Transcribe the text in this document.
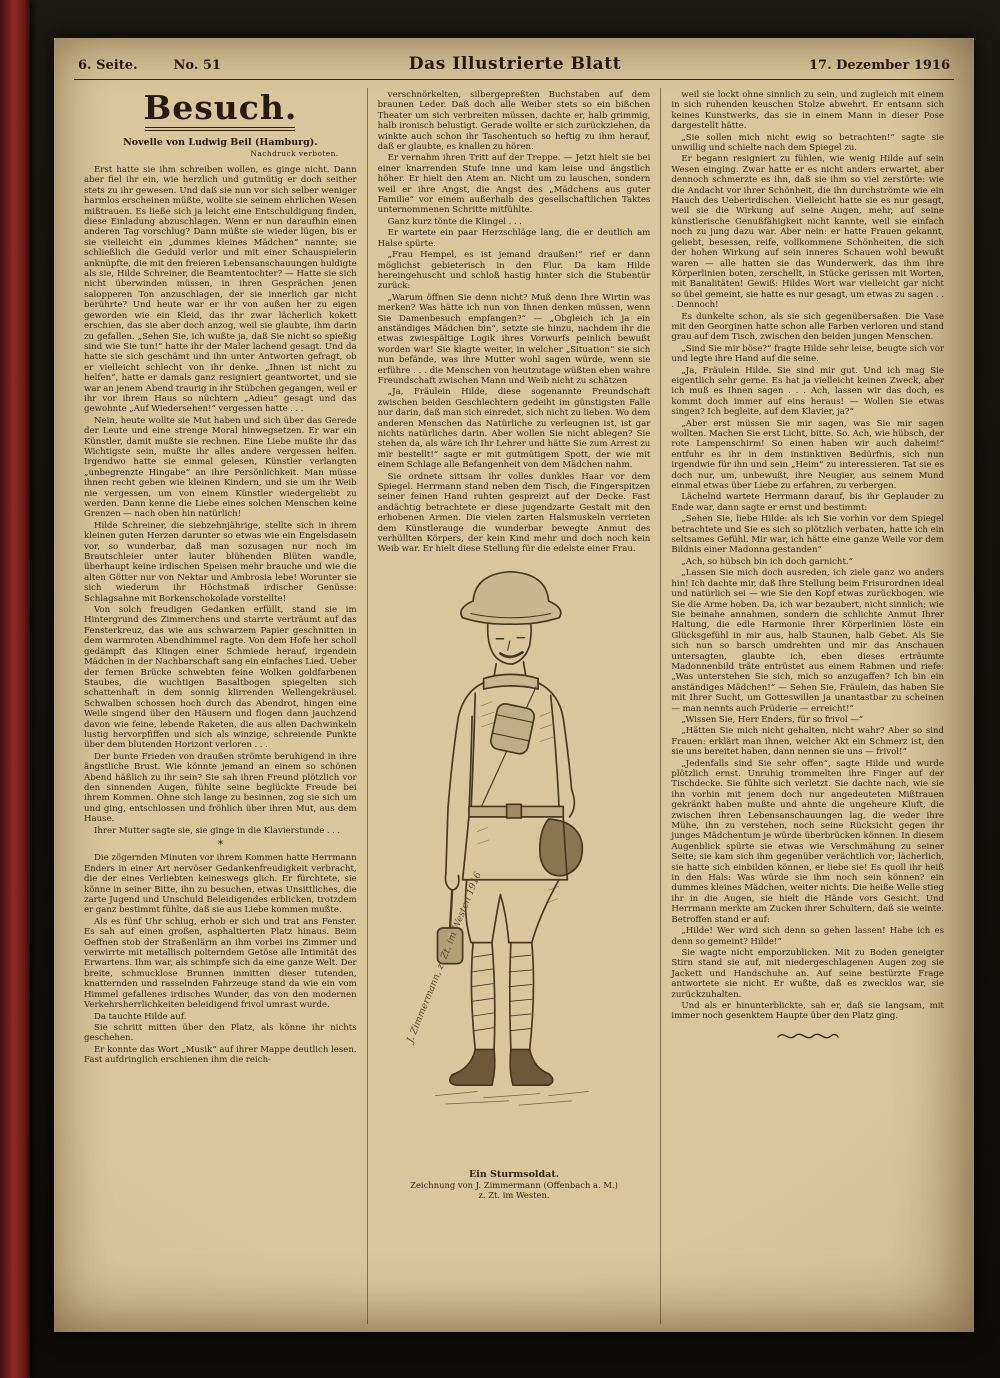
6. Seite.	No. 51	Das Illustrierte Blatt	17. Dezember 1916
Besuch.
Novelle von Ludwig Beil (Hamburg).
Nachdruck verboten.

Erst hatte sie ihm schreiben wollen, es ginge nicht. Dann aber fiel ihr ein, wie herzlich und gutmütig er doch seither stets zu ihr gewesen. Und daß sie nun vor sich selber weniger harmlos erscheinen müßte, wollte sie seinem ehrlichen Wesen mißtrauen. Es ließe sich ja leicht eine Entschuldigung finden, diese Einladung abzuschlagen. Wenn er nun daraufhin einen anderen Tag vorschlug? Dann müßte sie wieder lügen, bis er sie vielleicht ein „dummes kleines Mädchen“ nannte; sie schließlich die Geduld verlor und mit einer Schauspielerin anknüpfte, die mit den freieren Lebensanschauungen huldigte als sie, Hilde Schreiner, die Beamtentochter? — Hatte sie sich nicht überwinden müssen, in ihren Gesprächen jenen salopperen Ton anzuschlagen, der sie innerlich gar nicht berührte? Und heute war er ihr von außen her zu eigen geworden wie ein Kleid, das ihr zwar lächerlich kokett erschien, das sie aber doch anzog, weil sie glaubte, ihm darin zu gefallen. „Sehen Sie, ich wußte ja, daß Sie nicht so spießig sind wie Sie tun!“ hatte ihr der Maler lachend gesagt. Und da hatte sie sich geschämt und ihn unter Antworten gefragt, ob er vielleicht schlecht von ihr denke. „Ihnen ist nicht zu helfen“, hatte er damals ganz resigniert geantwortet, und sie war an jenem Abend traurig in ihr Stübchen gegangen, weil er ihr vor ihrem Haus so nüchtern „Adieu“ gesagt und das gewohnte „Auf Wiedersehen!“ vergessen hatte . . .

Nein, heute wollte sie Mut haben und sich über das Gerede der Leute und eine strenge Moral hinwegsetzen. Er war ein Künstler, damit mußte sie rechnen. Eine Liebe mußte ihr das Wichtigste sein, mußte ihr alles andere vergessen helfen. Irgendwo hatte sie einmal gelesen, Künstler verlangten „unbegrenzte Hingabe“ an ihre Persönlichkeit. Man müsse ihnen recht geben wie kleinen Kindern, und sie um ihr Weib nie vergessen, um von einem Künstler wiedergeliebt zu werden. Dann kenne die Liebe eines solchen Menschen keine Grenzen — nach oben hin natürlich!

Hilde Schreiner, die siebzehnjährige, stellte sich in ihrem kleinen guten Herzen darunter so etwas wie ein Engelsdasein vor, so wunderbar, daß man sozusagen nur noch im Brautschleier unter lauter blühenden Blüten wandle, überhaupt keine irdischen Speisen mehr brauche und wie die alten Götter nur von Nektar und Ambrosia lebe! Worunter sie sich wiederum ihr Höchstmaß irdischer Genüsse: Schlagsahne mit Borkenschokolade vorstellte!

Von solch freudigen Gedanken erfüllt, stand sie im Hintergrund des Zimmerchens und starrte verträumt auf das Fensterkreuz, das wie aus schwarzem Papier geschnitten in dem warmroten Abendhimmel ragte. Von dem Hofe her scholl gedämpft das Klingen einer Schmiede herauf, irgendein Mädchen in der Nachbarschaft sang ein einfaches Lied. Ueber der fernen Brücke schwebten feine Wolken goldfarbenen Staubes, die wuchtigen Basaltbogen spiegelten sich schattenhaft in dem sonnig klirrenden Wellengekräusel. Schwalben schossen hoch durch das Abendrot, hingen eine Weile singend über den Häusern und flogen dann jauchzend davon wie feine, lebende Raketen, die aus allen Dachwinkeln lustig hervorpfiffen und sich als winzige, schreiende Punkte über dem blutenden Horizont verloren . . .

Der bunte Frieden von draußen strömte beruhigend in ihre ängstliche Brust. Wie könnte jemand an einem so schönen Abend häßlich zu ihr sein? Sie sah ihren Freund plötzlich vor den sinnenden Augen, fühlte seine beglückte Freude bei ihrem Kommen. Ohne sich lange zu besinnen, zog sie sich um und ging, entschlossen und fröhlich über ihren Mut, aus dem Hause.

Ihrer Mutter sagte sie, sie ginge in die Klavierstunde . . .

*

Die zögernden Minuten vor ihrem Kommen hatte Herrmann Enders in einer Art nervöser Gedankenfreudigkeit verbracht, die der eines Verliebten keineswegs glich. Er fürchtete, sie könne in seiner Bitte, ihn zu besuchen, etwas Unsittliches, die zarte Jugend und Unschuld Beleidigendes erblicken, trotzdem er ganz bestimmt fühlte, daß sie aus Liebe kommen mußte.

Als es fünf Uhr schlug, erhob er sich und trat ans Fenster. Es sah auf einen großen, asphaltierten Platz hinaus. Beim Oeffnen stob der Straßenlärm an ihm vorbei ins Zimmer und verwirrte mit metallisch polterndem Getöse alle Intimität des Erwartens. Ihm war, als schimpfe sich da eine ganze Welt. Der breite, schmucklose Brunnen inmitten dieser tutenden, knatternden und rasselnden Fahrzeuge stand da wie ein vom Himmel gefallenes irdisches Wunder, das von den modernen Verkehrsherrlichkeiten beleidigend frivol umrast wurde.

Da tauchte Hilde auf.

Sie schritt mitten über den Platz, als könne ihr nichts geschehen.

Er konnte das Wort „Musik“ auf ihrer Mappe deutlich lesen. Fast aufdringlich erschienen ihm die reich-

verschnörkelten, silbergepreßten Buchstaben auf dem braunen Leder. Daß doch alle Weiber stets so ein bißchen Theater um sich verbreiten müssen, dachte er, halb grimmig, halb ironisch belustigt. Gerade wollte er sich zurückziehen, da winkte auch schon ihr Taschentuch so heftig zu ihm herauf, daß er glaubte, es knallen zu hören.

Er vernahm ihren Tritt auf der Treppe. — Jetzt hielt sie bei einer knarrenden Stufe inne und kam leise und ängstlich höher. Er hielt den Atem an. Nicht um zu lauschen, sondern weil er ihre Angst, die Angst des „Mädchens aus guter Familie“ vor einem außerhalb des gesellschaftlichen Taktes unternommenen Schritte mitfühlte.

Ganz kurz tönte die Klingel . . .

Er wartete ein paar Herzschläge lang, die er deutlich am Halse spürte.

„Frau Hempel, es ist jemand draußen!“ rief er dann möglichst gebieterisch in den Flur. Da kam Hilde hereingehuscht und schloß hastig hinter sich die Stubentür zurück:

„Warum öffnen Sie denn nicht? Muß denn Ihre Wirtin was merken? Was hätte ich nun von Ihnen denken müssen, wenn Sie Damenbesuch empfangen?“ — „Obgleich ich ja ein anständiges Mädchen bin“, setzte sie hinzu, nachdem ihr die etwas zwiespältige Logik ihres Vorwurfs peinlich bewußt worden war! Sie klagte weiter, in welcher „Situation“ sie sich nun befände, was ihre Mutter wohl sagen würde, wenn sie erführe . . . die Menschen von heutzutage wüßten eben wahre Freundschaft zwischen Mann und Weib nicht zu schätzen

„Ja, Fräulein Hilde, diese sogenannte Freundschaft zwischen beiden Geschlechtern gedeiht im günstigsten Falle nur darin, daß man sich einredet, sich nicht zu lieben. Wo dem anderen Menschen das Natürliche zu verleugnen ist, ist gar nichts natürliches darin. Aber wollen Sie nicht ablegen? Sie stehen da, als wäre ich Ihr Lehrer und hätte Sie zum Arrest zu mir bestellt!“ sagte er mit gutmütigem Spott, der wie mit einem Schlage alle Befangenheit von dem Mädchen nahm.

Sie ordnete sittsam ihr volles dunkles Haar vor dem Spiegel. Herrmann stand neben dem Tisch, die Fingerspitzen seiner feinen Hand ruhten gespreizt auf der Decke. Fast andächtig betrachtete er diese jugendzarte Gestalt mit den erhobenen Armen. Die vielen zarten Halsmuskeln verrieten dem Künstlerauge die wunderbar bewegte Anmut des verhüllten Körpers, der kein Kind mehr und doch noch kein Weib war. Er hielt diese Stellung für die edelste einer Frau.

J. Zimmermann, z. Zt. im Westen 1916
Ein Sturmsoldat.
Zeichnung von J. Zimmermann (Offenbach a. M.)
z. Zt. im Westen.

weil sie lockt ohne sinnlich zu sein, und zugleich mit einem in sich ruhenden keuschen Stolze abwehrt. Er entsann sich keines Kunstwerks, das sie in einem Mann in dieser Pose dargestellt hätte.

„Sie sollen mich nicht ewig so betrachten!“ sagte sie unwillig und schielte nach dem Spiegel zu.

Er begann resigniert zu fühlen, wie wenig Hilde auf sein Wesen einging. Zwar hatte er es nicht anders erwartet, aber dennoch schmerzte es ihn, daß sie ihm so viel zerstörte: wie die Andacht vor ihrer Schönheit, die ihn durchströmte wie ein Hauch des Ueberirdischen. Vielleicht hatte sie es nur gesagt, weil sie die Wirkung auf seine Augen, mehr, auf seine künstlerische Genußfähigkeit nicht kannte, weil sie einfach noch zu jung dazu war. Aber nein: er hatte Frauen gekannt, geliebt, besessen, reife, vollkommene Schönheiten, die sich der hohen Wirkung auf sein inneres Schauen wohl bewußt waren — alle hatten sie das Wunderwerk, das ihm ihre Körperlinien boten, zerschellt, in Stücke gerissen mit Worten, mit Banalitäten! Gewiß: Hildes Wort war vielleicht gar nicht so übel gemeint, sie hatte es nur gesagt, um etwas zu sagen . . . Dennoch!

Es dunkelte schon, als sie sich gegenübersaßen. Die Vase mit den Georginen hatte schon alle Farben verloren und stand grau auf dem Tisch, zwischen den beiden jungen Menschen.

„Sind Sie mir böse?“ fragte Hilde sehr leise, beugte sich vor und legte ihre Hand auf die seine.

„Ja, Fräulein Hilde. Sie sind mir gut. Und ich mag Sie eigentlich sehr gerne. Es hat ja vielleicht keinen Zweck, aber ich muß es Ihnen sagen . . . Ach, lassen wir das doch, es kommt doch immer auf eins heraus! — Wollen Sie etwas singen? Ich begleite, auf dem Klavier, ja?“

„Aber erst müssen Sie mir sagen, was Sie mir sagen wollten. Machen Sie erst Licht, bitte. So. Ach, wie hübsch, der rote Lampenschirm! So einen haben wir auch daheim!“ entfuhr es ihr in dem instinktiven Bedürfnis, sich nun irgendwie für ihn und sein „Heim“ zu interessieren. Tat sie es doch nur, um, unbewußt, ihre Neugier, aus seinem Mund einmal etwas über Liebe zu erfahren, zu verbergen.

Lächelnd wartete Herrmann darauf, bis ihr Geplauder zu Ende war, dann sagte er ernst und bestimmt:

„Sehen Sie, liebe Hilde: als ich Sie vorhin vor dem Spiegel betrachtete und Sie es sich so plötzlich verbaten, hatte ich ein seltsames Gefühl. Mir war, ich hätte eine ganze Weile vor dem Bildnis einer Madonna gestanden“

„Ach, so hübsch bin ich doch garnicht.“

„Lassen Sie mich doch ausreden, ich ziele ganz wo anders hin! Ich dachte mir, daß Ihre Stellung beim Frisurordnen ideal und natürlich sei — wie Sie den Kopf etwas zurückbogen, wie Sie die Arme hoben. Da, ich war bezaubert, nicht sinnlich; wie Sie beinahe annahmen, sondern die schlichte Anmut Ihrer Haltung, die edle Harmonie Ihrer Körperlinien löste ein Glücksgefühl in mir aus, halb Staunen, halb Gebet. Als Sie sich nun so barsch umdrehten und mir das Anschauen untersagten, glaubte ich, eben dieses erträumte Madonnenbild träte entrüstet aus einem Rahmen und riefe: „Was unterstehen Sie sich, mich so anzugaffen? Ich bin ein anständiges Mädchen!“ — Sehen Sie, Fräulein, das haben Sie mit Ihrer Sucht, um Gotteswillen ja unantastbar zu scheinen — man nennts auch Prüderie — erreicht!“

„Wissen Sie, Herr Enders, für so frivol —“

„Hätten Sie mich nicht gehalten, nicht wahr? Aber so sind Frauen: erklärt man ihnen, welcher Akt ein Schmerz ist, den sie uns bereitet haben, dann nennen sie uns — frivol!“

„Jedenfalls sind Sie sehr offen“, sagte Hilde und wurde plötzlich ernst. Unruhig trommelten ihre Finger auf der Tischdecke. Sie fühlte sich verletzt. Sie dachte nach, wie sie ihn vorhin mit jenem doch nur angedeuteten Mißtrauen gekränkt haben mußte und ahnte die ungeheure Kluft, die zwischen ihren Lebensanschauungen lag, die weder ihre Mühe, ihn zu verstehen, noch seine Rücksicht gegen ihr junges Mädchentum je würde überbrücken können. In diesem Augenblick spürte sie etwas wie Verschmähung zu seiner Seite; sie kam sich ihm gegenüber verächtlich vor; lächerlich, sie hatte sich einbilden können, er liebe sie! Es quoll ihr heiß in den Hals: Was würde sie ihm noch sein können? ein dummes kleines Mädchen, weiter nichts. Die heiße Welle stieg ihr in die Augen, sie hielt die Hände vors Gesicht. Und Herrmann merkte am Zucken ihrer Schultern, daß sie weinte. Betroffen stand er auf:

„Hilde! Wer wird sich denn so gehen lassen! Habe ich es denn so gemeint? Hilde!“

Sie wagte nicht emporzublicken. Mit zu Boden geneigter Stirn stand sie auf, mit niedergeschlagenen Augen zog sie Jackett und Handschuhe an. Auf seine bestürzte Frage antwortete sie nicht. Er wußte, daß es zwecklos war, sie zurückzuhalten.

Und als er hinunterblickte, sah er, daß sie langsam, mit immer noch gesenktem Haupte über den Platz ging.
